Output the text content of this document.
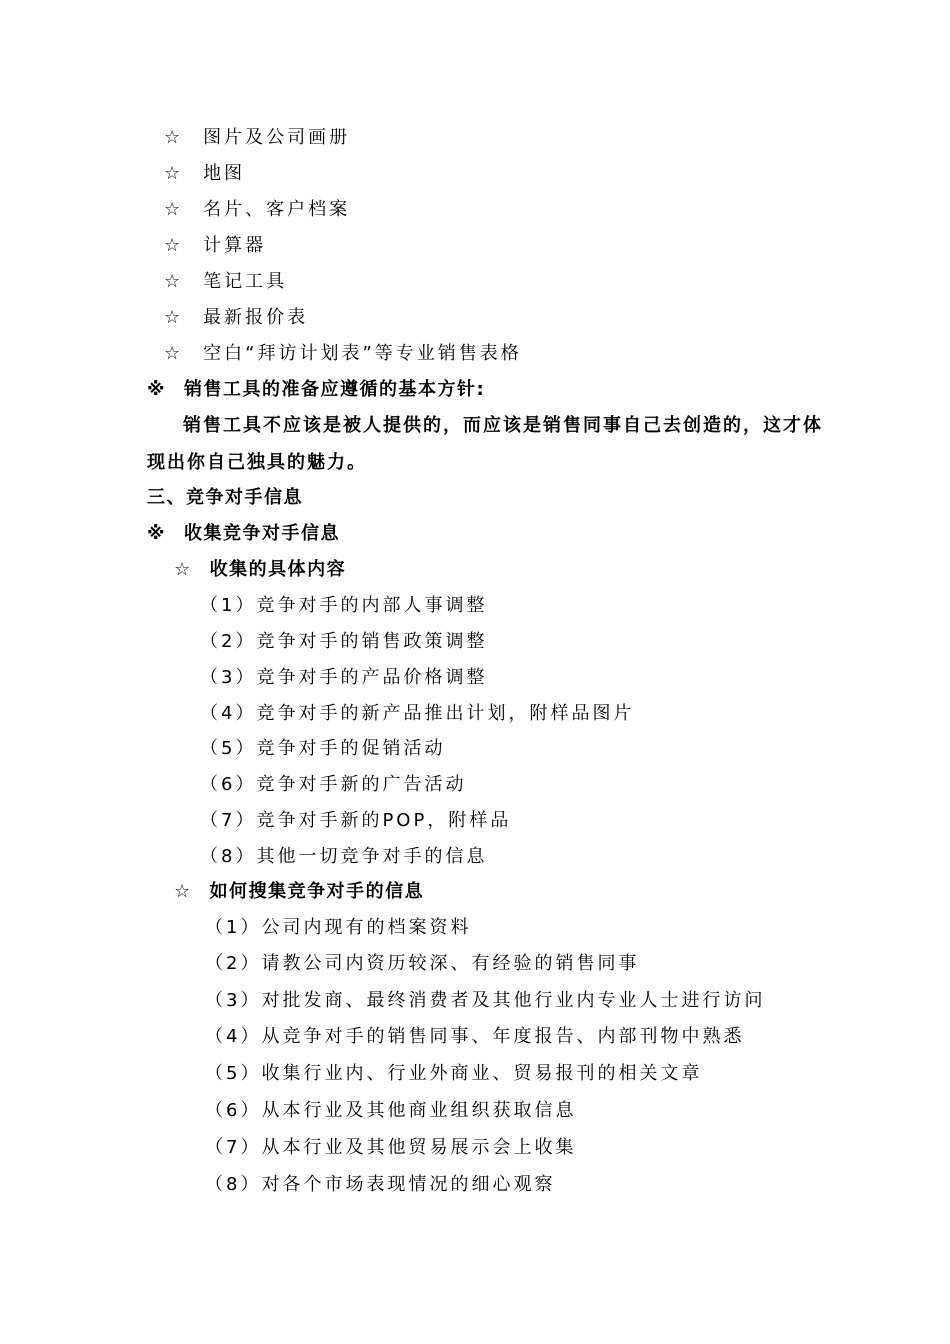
☆ 图片及公司画册
☆ 地图
☆ 名片、客户档案
☆ 计算器
☆ 笔记工具
☆ 最新报价表
☆ 空白“拜访计划表”等专业销售表格
※ 销售工具的准备应遵循的基本方针:
销售工具不应该是被人提供的，而应该是销售同事自己去创造的，这才体
现出你自己独具的魅力。
三、竞争对手信息
※ 收集竞争对手信息
☆ 收集的具体内容
（1）竞争对手的内部人事调整
（2）竞争对手的销售政策调整
（3）竞争对手的产品价格调整
（4）竞争对手的新产品推出计划，附样品图片
（5）竞争对手的促销活动
（6）竞争对手新的广告活动
（7）竞争对手新的POP，附样品
（8）其他一切竞争对手的信息
☆ 如何搜集竞争对手的信息
（1）公司内现有的档案资料
（2）请教公司内资历较深、有经验的销售同事
（3）对批发商、最终消费者及其他行业内专业人士进行访问
（4）从竞争对手的销售同事、年度报告、内部刊物中熟悉
（5）收集行业内、行业外商业、贸易报刊的相关文章
（6）从本行业及其他商业组织获取信息
（7）从本行业及其他贸易展示会上收集
（8）对各个市场表现情况的细心观察
